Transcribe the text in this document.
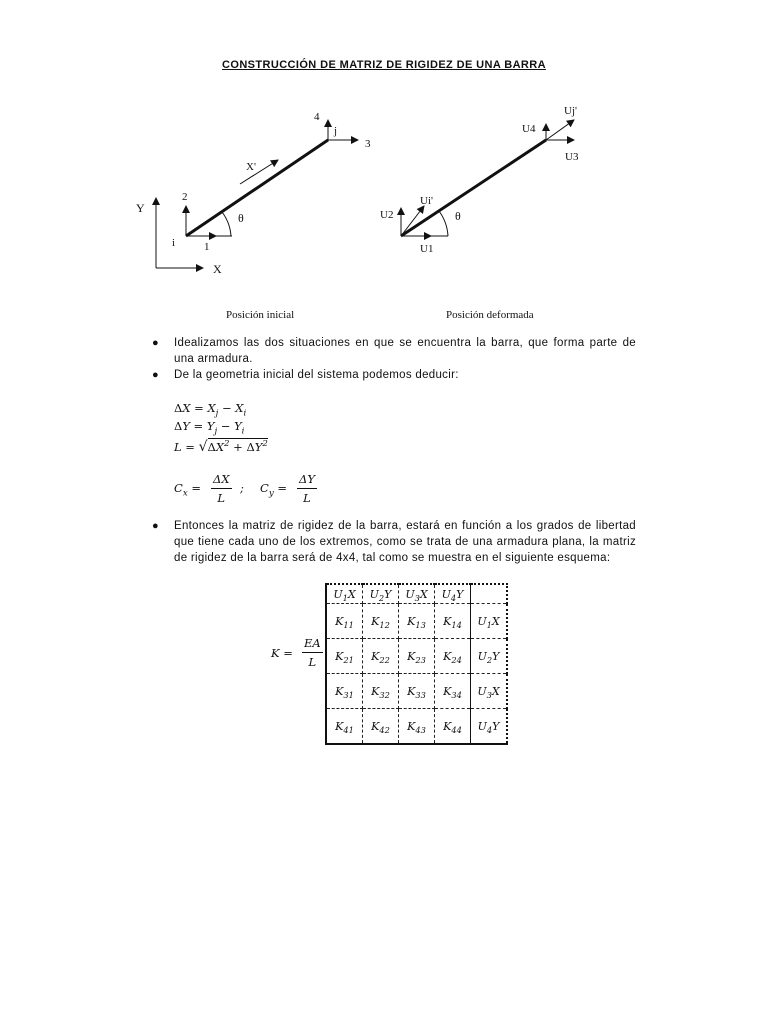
CONSTRUCCIÓN DE MATRIZ DE RIGIDEZ DE UNA BARRA
Y
X
1
2
3
4
i
j
X'
θ
Posición inicial
U1
U2
Ui'
U3
U4
Uj'
θ
Posición deformada
● Idealizamos las dos situaciones en que se encuentra la barra, que forma parte de una armadura.
● De la geometria inicial del sistema podemos deducir:
$\Delta X = X_j - X_i$
$\Delta Y = Y_j - Y_i$
$L = √\Delta X^2 + \Delta Y^2$
$C_x = \frac{\Delta X}{L}$ ; $C_y = \frac{\Delta Y}{L}$
● Entonces la matriz de rigidez de la barra, estará en función a los grados de libertad que tiene cada uno de los extremos, como se trata de una armadura plana, la matriz de rigidez de la barra será de 4x4, tal como se muestra en el siguiente esquema:
$K = \frac{EA}{L}$
$U_1X$	$U_2Y$	$U_3X$	$U_4Y$	
$K_{11}$	$K_{12}$	$K_{13}$	$K_{14}$	$U_1X$
$K_{21}$	$K_{22}$	$K_{23}$	$K_{24}$	$U_2Y$
$K_{31}$	$K_{32}$	$K_{33}$	$K_{34}$	$U_3X$
$K_{41}$	$K_{42}$	$K_{43}$	$K_{44}$	$U_4Y$
